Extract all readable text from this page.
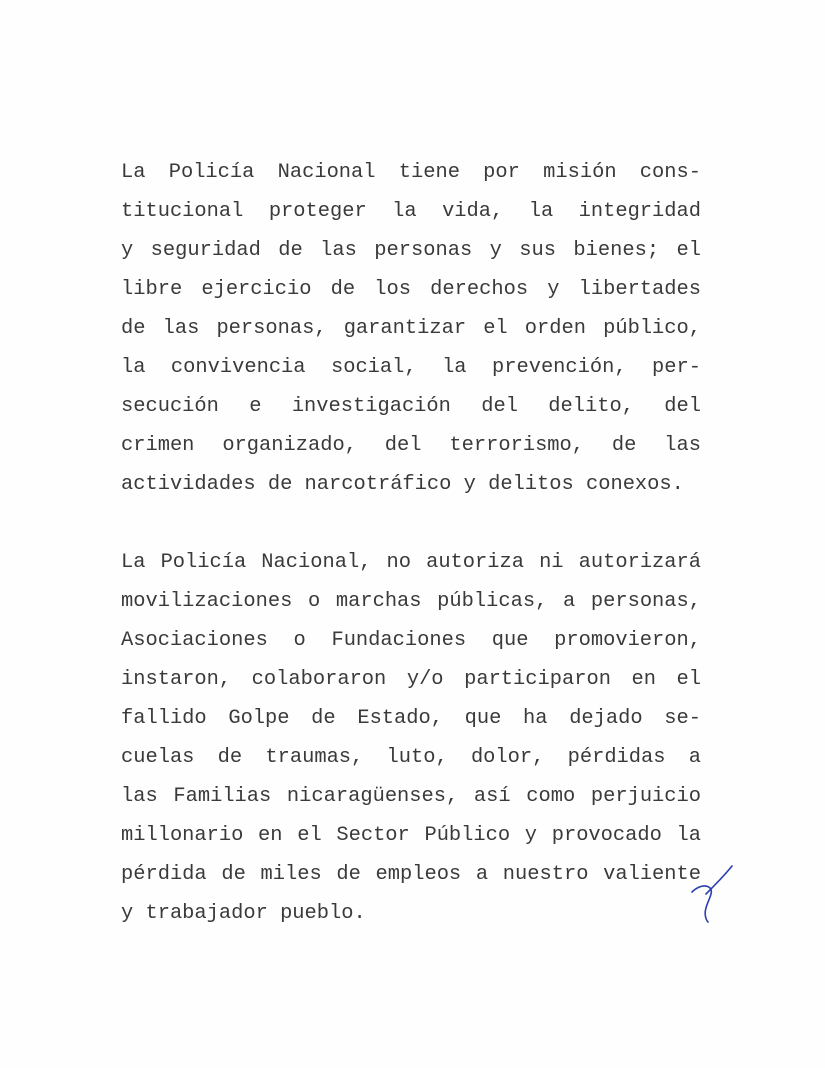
La Policía Nacional tiene por misión cons-
titucional proteger la vida, la integridad
y seguridad de las personas y sus bienes; el
libre ejercicio de los derechos y libertades
de las personas, garantizar el orden público,
la convivencia social, la prevención, per-
secución e investigación del delito, del
crimen organizado, del terrorismo, de las
actividades de narcotráfico y delitos conexos.
La Policía Nacional, no autoriza ni autorizará
movilizaciones o marchas públicas, a personas,
Asociaciones o Fundaciones que promovieron,
instaron, colaboraron y/o participaron en el
fallido Golpe de Estado, que ha dejado se-
cuelas de traumas, luto, dolor, pérdidas a
las Familias nicaragüenses, así como perjuicio
millonario en el Sector Público y provocado la
pérdida de miles de empleos a nuestro valiente
y trabajador pueblo.
